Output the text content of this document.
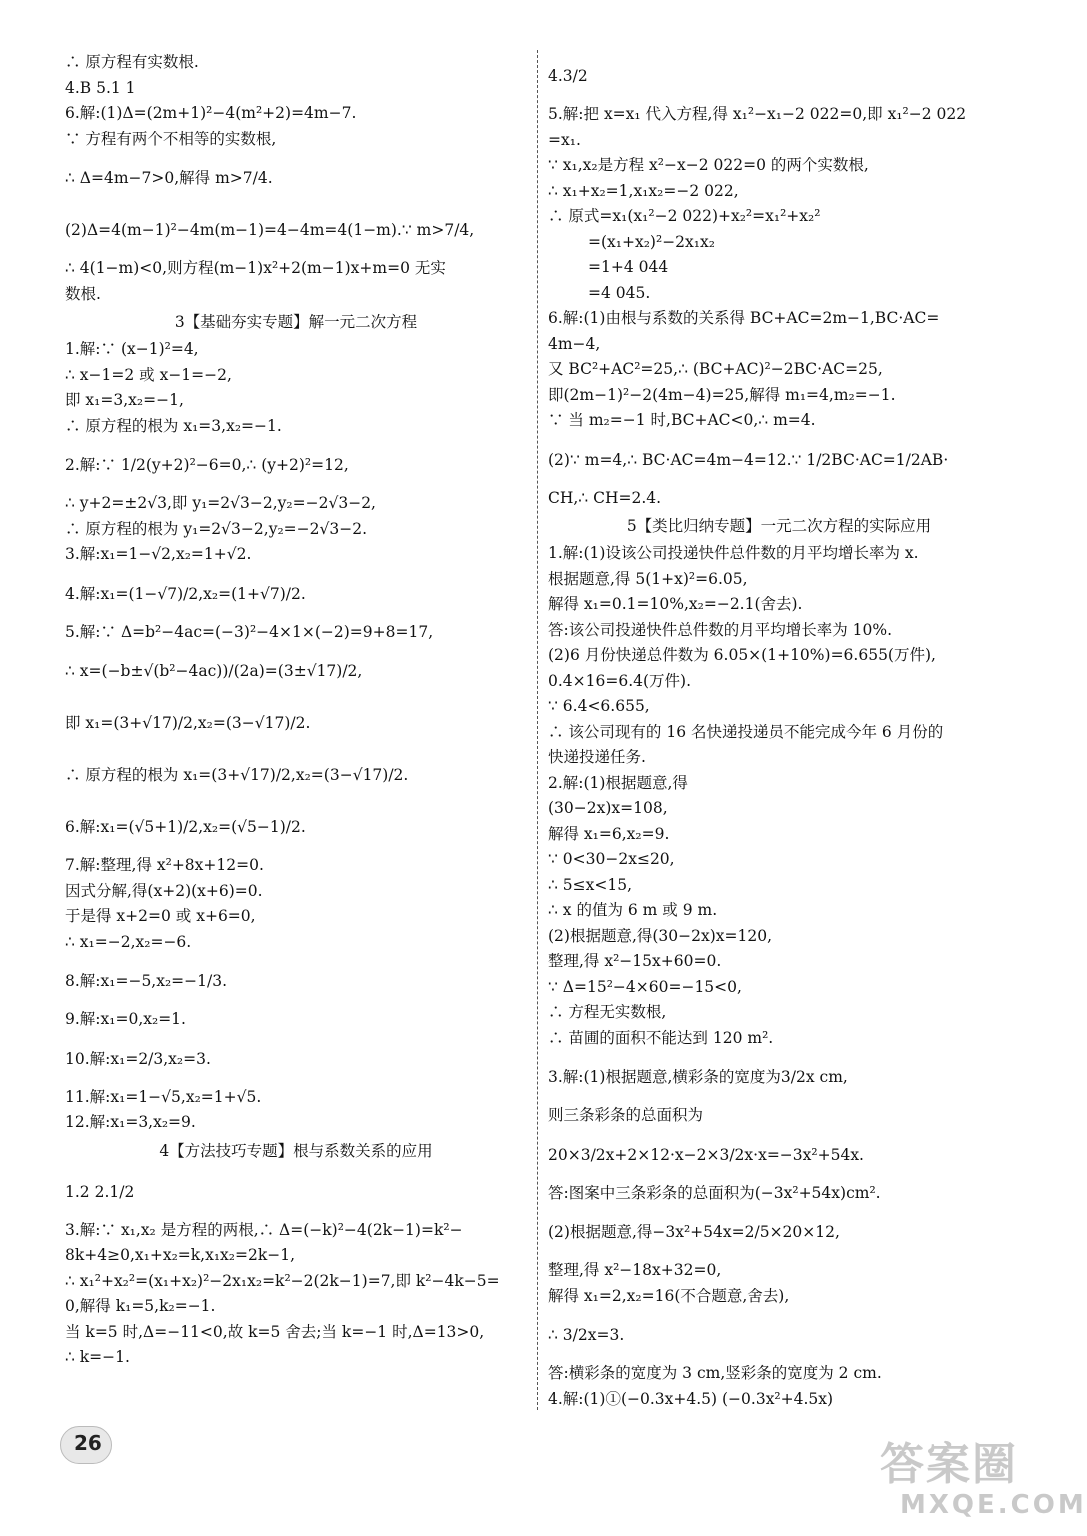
∴ 原方程有实数根.
4.B 5.1 1
6.解:(1)Δ=(2m+1)²−4(m²+2)=4m−7.
∵ 方程有两个不相等的实数根,
∴ Δ=4m−7>0,解得 m>7/4.
(2)Δ=4(m−1)²−4m(m−1)=4−4m=4(1−m).∵ m>7/4,
∴ 4(1−m)<0,则方程(m−1)x²+2(m−1)x+m=0 无实
数根.
3【基础夯实专题】解一元二次方程
1.解:∵ (x−1)²=4,
∴ x−1=2 或 x−1=−2,
即 x₁=3,x₂=−1,
∴ 原方程的根为 x₁=3,x₂=−1.
2.解:∵ 1/2(y+2)²−6=0,∴ (y+2)²=12,
∴ y+2=±2√3,即 y₁=2√3−2,y₂=−2√3−2,
∴ 原方程的根为 y₁=2√3−2,y₂=−2√3−2.
3.解:x₁=1−√2,x₂=1+√2.
4.解:x₁=(1−√7)/2,x₂=(1+√7)/2.
5.解:∵ Δ=b²−4ac=(−3)²−4×1×(−2)=9+8=17,
∴ x=(−b±√(b²−4ac))/(2a)=(3±√17)/2,
即 x₁=(3+√17)/2,x₂=(3−√17)/2.
∴ 原方程的根为 x₁=(3+√17)/2,x₂=(3−√17)/2.
6.解:x₁=(√5+1)/2,x₂=(√5−1)/2.
7.解:整理,得 x²+8x+12=0.
因式分解,得(x+2)(x+6)=0.
于是得 x+2=0 或 x+6=0,
∴ x₁=−2,x₂=−6.
8.解:x₁=−5,x₂=−1/3.
9.解:x₁=0,x₂=1.
10.解:x₁=2/3,x₂=3.
11.解:x₁=1−√5,x₂=1+√5.
12.解:x₁=3,x₂=9.
4【方法技巧专题】根与系数关系的应用
1.2 2.1/2
3.解:∵ x₁,x₂ 是方程的两根,∴ Δ=(−k)²−4(2k−1)=k²−
8k+4≥0,x₁+x₂=k,x₁x₂=2k−1,
∴ x₁²+x₂²=(x₁+x₂)²−2x₁x₂=k²−2(2k−1)=7,即 k²−4k−5=
0,解得 k₁=5,k₂=−1.
当 k=5 时,Δ=−11<0,故 k=5 舍去;当 k=−1 时,Δ=13>0,
∴ k=−1.
4.3/2
5.解:把 x=x₁ 代入方程,得 x₁²−x₁−2 022=0,即 x₁²−2 022
=x₁.
∵ x₁,x₂是方程 x²−x−2 022=0 的两个实数根,
∴ x₁+x₂=1,x₁x₂=−2 022,
∴ 原式=x₁(x₁²−2 022)+x₂²=x₁²+x₂²
=(x₁+x₂)²−2x₁x₂
=1+4 044
=4 045.
6.解:(1)由根与系数的关系得 BC+AC=2m−1,BC·AC=
4m−4,
又 BC²+AC²=25,∴ (BC+AC)²−2BC·AC=25,
即(2m−1)²−2(4m−4)=25,解得 m₁=4,m₂=−1.
∵ 当 m₂=−1 时,BC+AC<0,∴ m=4.
(2)∵ m=4,∴ BC·AC=4m−4=12.∵ 1/2BC·AC=1/2AB·
CH,∴ CH=2.4.
5【类比归纳专题】一元二次方程的实际应用
1.解:(1)设该公司投递快件总件数的月平均增长率为 x.
根据题意,得 5(1+x)²=6.05,
解得 x₁=0.1=10%,x₂=−2.1(舍去).
答:该公司投递快件总件数的月平均增长率为 10%.
(2)6 月份快递总件数为 6.05×(1+10%)=6.655(万件),
0.4×16=6.4(万件).
∵ 6.4<6.655,
∴ 该公司现有的 16 名快递投递员不能完成今年 6 月份的
快递投递任务.
2.解:(1)根据题意,得
(30−2x)x=108,
解得 x₁=6,x₂=9.
∵ 0<30−2x≤20,
∴ 5≤x<15,
∴ x 的值为 6 m 或 9 m.
(2)根据题意,得(30−2x)x=120,
整理,得 x²−15x+60=0.
∵ Δ=15²−4×60=−15<0,
∴ 方程无实数根,
∴ 苗圃的面积不能达到 120 m².
3.解:(1)根据题意,横彩条的宽度为3/2x cm,
则三条彩条的总面积为
20×3/2x+2×12·x−2×3/2x·x=−3x²+54x.
答:图案中三条彩条的总面积为(−3x²+54x)cm².
(2)根据题意,得−3x²+54x=2/5×20×12,
整理,得 x²−18x+32=0,
解得 x₁=2,x₂=16(不合题意,舍去),
∴ 3/2x=3.
答:横彩条的宽度为 3 cm,竖彩条的宽度为 2 cm.
4.解:(1)①(−0.3x+4.5) (−0.3x²+4.5x)
26	答案圈
MXQE.COM
